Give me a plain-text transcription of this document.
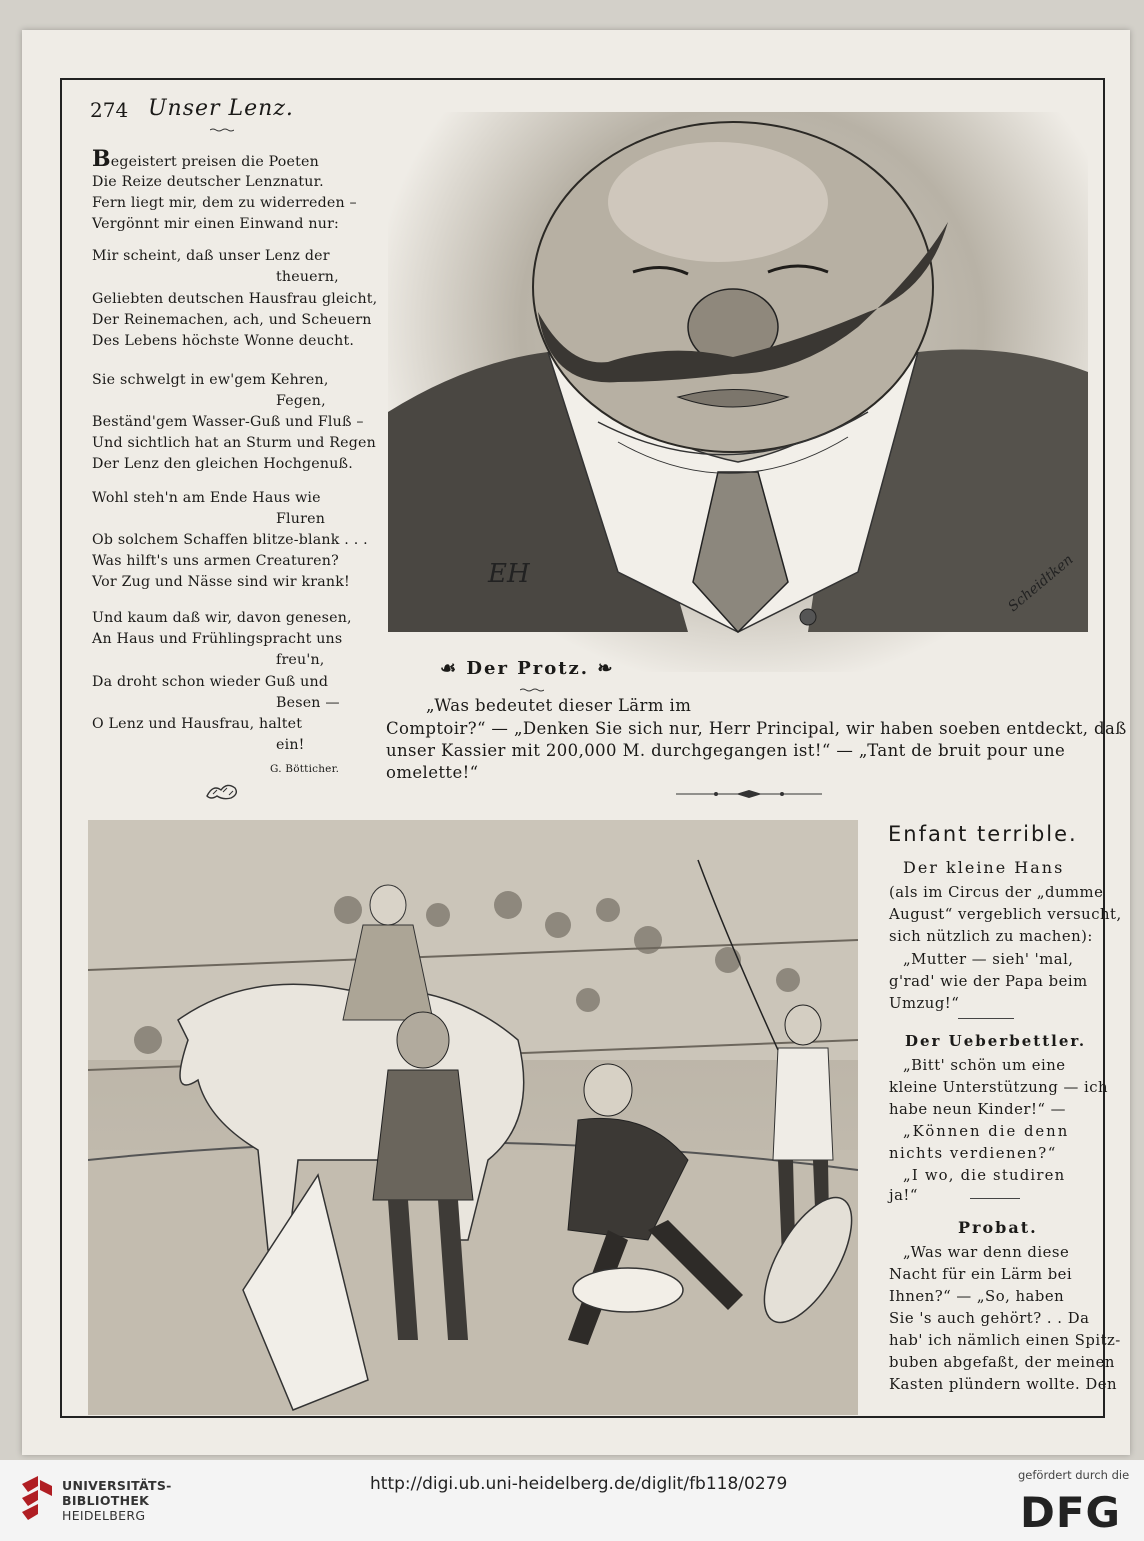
274 Unser Lenz.
Begeistert preisen die Poeten
Die Reize deutscher Lenznatur.
Fern liegt mir, dem zu widerreden –
Vergönnt mir einen Einwand nur:
Mir scheint, daß unser Lenz der
theuern,
Geliebten deutschen Hausfrau gleicht,
Der Reinemachen, ach, und Scheuern
Des Lebens höchste Wonne deucht.
Sie schwelgt in ew'gem Kehren,
Fegen,
Beständ'gem Wasser-Guß und Fluß –
Und sichtlich hat an Sturm und Regen
Der Lenz den gleichen Hochgenuß.
Wohl steh'n am Ende Haus wie
Fluren
Ob solchem Schaffen blitze-blank . . .
Was hilft's uns armen Creaturen?
Vor Zug und Nässe sind wir krank!
Und kaum daß wir, davon genesen,
An Haus und Frühlingspracht uns
freu'n,
Da droht schon wieder Guß und
Besen —
O Lenz und Hausfrau, haltet
ein!
G. Bötticher.
EH	Scheidtken
☙ Der Protz. ❧
„Was bedeutet dieser Lärm im
Comptoir?“ — „Denken Sie sich nur, Herr Principal, wir haben soeben entdeckt, daß
unser Kassier mit 200,000 M. durchgegangen ist!“ — „Tant de bruit pour une
omelette!“
Enfant terrible.
Der kleine Hans
(als im Circus der „dumme
August“ vergeblich versucht,
sich nützlich zu machen):
„Mutter — sieh' 'mal,
g'rad' wie der Papa beim
Umzug!“
Der Ueberbettler.
„Bitt' schön um eine
kleine Unterstützung — ich
habe neun Kinder!“ —
„Können die denn
nichts verdienen?“
„I wo, die studiren
ja!“
Probat.
„Was war denn diese
Nacht für ein Lärm bei
Ihnen?“ — „So, haben
Sie 's auch gehört? . . Da
hab' ich nämlich einen Spitz-
buben abgefaßt, der meinen
Kasten plündern wollte. Den
UNIVERSITÄTS-
BIBLIOTHEK
HEIDELBERG
http://digi.ub.uni-heidelberg.de/diglit/fb118/0279	gefördert durch die
DFG
